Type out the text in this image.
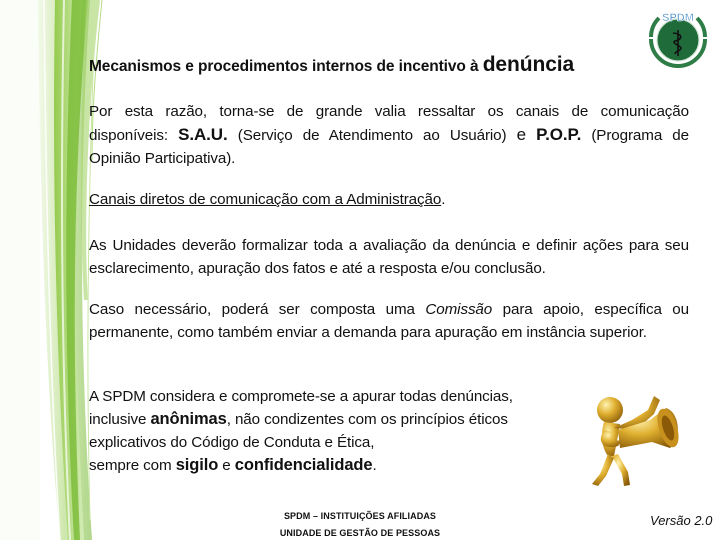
SPDM
Mecanismos e procedimentos internos de incentivo à denúncia
Por esta razão, torna-se de grande valia ressaltar os canais de comunicação
disponíveis: S.A.U. (Serviço de Atendimento ao Usuário) e P.O.P. (Programa de
Opinião Participativa).
Canais diretos de comunicação com a Administração.
As Unidades deverão formalizar toda a avaliação da denúncia e definir ações para seu esclarecimento, apuração dos fatos e até a resposta e/ou conclusão.
Caso necessário, poderá ser composta uma Comissão para apoio, específica ou permanente, como também enviar a demanda para apuração em instância superior.
A SPDM considera e compromete-se a apurar todas denúncias,
inclusive anônimas, não condizentes com os princípios éticos
explicativos do Código de Conduta e Ética,
sempre com sigilo e confidencialidade.
SPDM – INSTITUIÇÕES AFILIADAS
UNIDADE DE GESTÃO DE PESSOAS
Versão 2.0
